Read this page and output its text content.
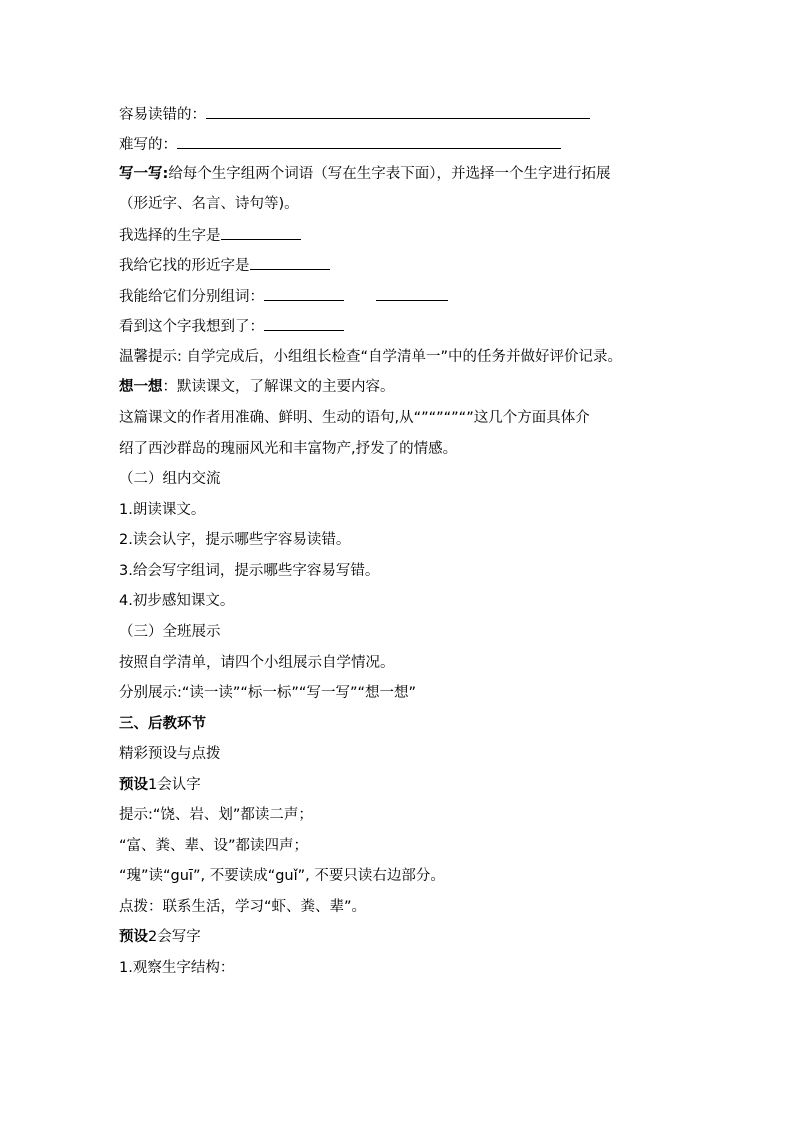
容易读错的：
难写的：
写一写:给每个生字组两个词语（写在生字表下面），并选择一个生字进行拓展
（形近字、名言、诗句等)。
我选择的生字是
我给它找的形近字是
我能给它们分别组词：
看到这个字我想到了：
温馨提示: 自学完成后，小组组长检查“自学清单一”中的任务并做好评价记录。
想一想：默读课文，了解课文的主要内容。
这篇课文的作者用准确、鲜明、生动的语句,从“”“”“”“”这几个方面具体介
绍了西沙群岛的瑰丽风光和丰富物产,抒发了的情感。
（二）组内交流
1.朗读课文。
2.读会认字，提示哪些字容易读错。
3.给会写字组词，提示哪些字容易写错。
4.初步感知课文。
（三）全班展示
按照自学清单，请四个小组展示自学情况。
分别展示:“读一读”“标一标”“写一写”“想一想”
三、后教环节
精彩预设与点拨
预设1会认字
提示:“饶、岩、划”都读二声；
“富、粪、辈、设”都读四声；
“瑰”读“guī”, 不要读成“guǐ”, 不要只读右边部分。
点拨：联系生活，学习“虾、粪、辈”。
预设2会写字
1.观察生字结构：
